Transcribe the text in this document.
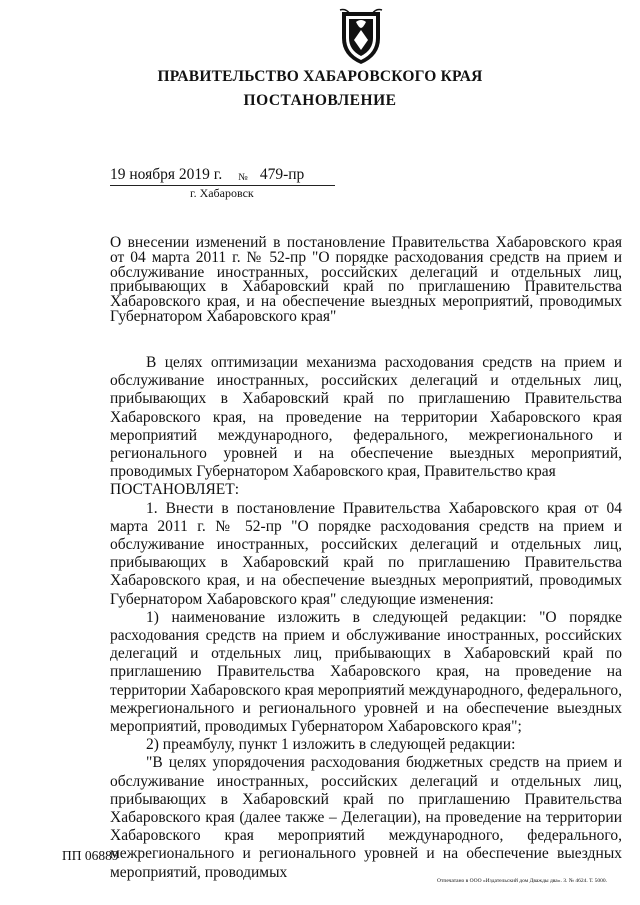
ПРАВИТЕЛЬСТВО ХАБАРОВСКОГО КРАЯ
ПОСТАНОВЛЕНИЕ
19 ноября 2019 г. № 479-пр
г. Хабаровск
О внесении изменений в постановление Правительства Хабаровского края от 04 марта 2011 г. № 52-пр "О порядке расходования средств на прием и обслуживание иностранных, российских делегаций и отдельных лиц, прибывающих в Хабаровский край по приглашению Правительства Хабаровского края, и на обеспечение выездных мероприятий, проводимых Губернатором Хабаровского края"

В целях оптимизации механизма расходования средств на прием и обслуживание иностранных, российских делегаций и отдельных лиц, прибывающих в Хабаровский край по приглашению Правительства Хабаровского края, на проведение на территории Хабаровского края мероприятий международного, федерального, межрегионального и регионального уровней и на обеспечение выездных мероприятий, проводимых Губернатором Хабаровского края, Правительство края

ПОСТАНОВЛЯЕТ:

1. Внести в постановление Правительства Хабаровского края от 04 марта 2011 г. № 52-пр "О порядке расходования средств на прием и обслуживание иностранных, российских делегаций и отдельных лиц, прибывающих в Хабаровский край по приглашению Правительства Хабаровского края, и на обеспечение выездных мероприятий, проводимых Губернатором Хабаровского края" следующие изменения:

1) наименование изложить в следующей редакции: "О порядке расходования средств на прием и обслуживание иностранных, российских делегаций и отдельных лиц, прибывающих в Хабаровский край по приглашению Правительства Хабаровского края, на проведение на территории Хабаровского края мероприятий международного, федерального, межрегионального и регионального уровней и на обеспечение выездных мероприятий, проводимых Губернатором Хабаровского края";

2) преамбулу, пункт 1 изложить в следующей редакции:

"В целях упорядочения расходования бюджетных средств на прием и обслуживание иностранных, российских делегаций и отдельных лиц, прибывающих в Хабаровский край по приглашению Правительства Хабаровского края (далее также – Делегации), на проведение на территории Хабаровского края мероприятий международного, федерального, межрегионального и регионального уровней и на обеспечение выездных мероприятий, проводимых

ПП 06889
Отпечатано в ООО «Издательский дом Дважды два». З. № 4624. Т. 5000.
